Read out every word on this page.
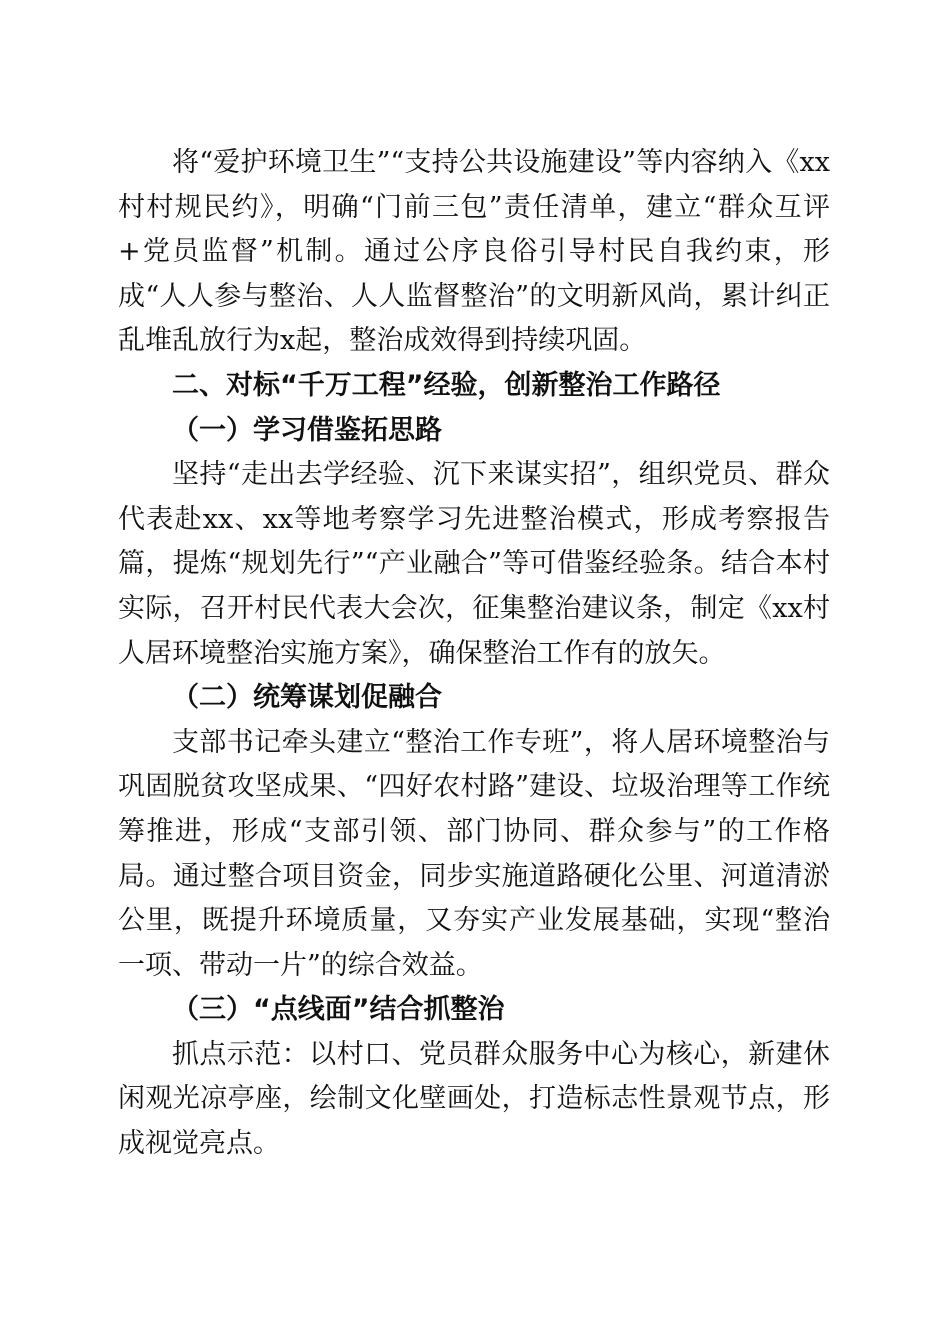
将“爱护环境卫生”“支持公共设施建设”等内容纳入《xx村村规民约》，明确“门前三包”责任清单，建立“群众互评+党员监督”机制。通过公序良俗引导村民自我约束，形成“人人参与整治、人人监督整治”的文明新风尚，累计纠正乱堆乱放行为x起，整治成效得到持续巩固。

二、对标“千万工程”经验，创新整治工作路径

（一）学习借鉴拓思路

坚持“走出去学经验、沉下来谋实招”，组织党员、群众代表赴xx、xx等地考察学习先进整治模式，形成考察报告篇，提炼“规划先行”“产业融合”等可借鉴经验条。结合本村实际，召开村民代表大会次，征集整治建议条，制定《xx村人居环境整治实施方案》，确保整治工作有的放矢。

（二）统筹谋划促融合

支部书记牵头建立“整治工作专班”，将人居环境整治与巩固脱贫攻坚成果、“四好农村路”建设、垃圾治理等工作统筹推进，形成“支部引领、部门协同、群众参与”的工作格局。通过整合项目资金，同步实施道路硬化公里、河道清淤公里，既提升环境质量，又夯实产业发展基础，实现“整治一项、带动一片”的综合效益。

（三）“点线面”结合抓整治

抓点示范：以村口、党员群众服务中心为核心，新建休闲观光凉亭座，绘制文化壁画处，打造标志性景观节点，形成视觉亮点。
